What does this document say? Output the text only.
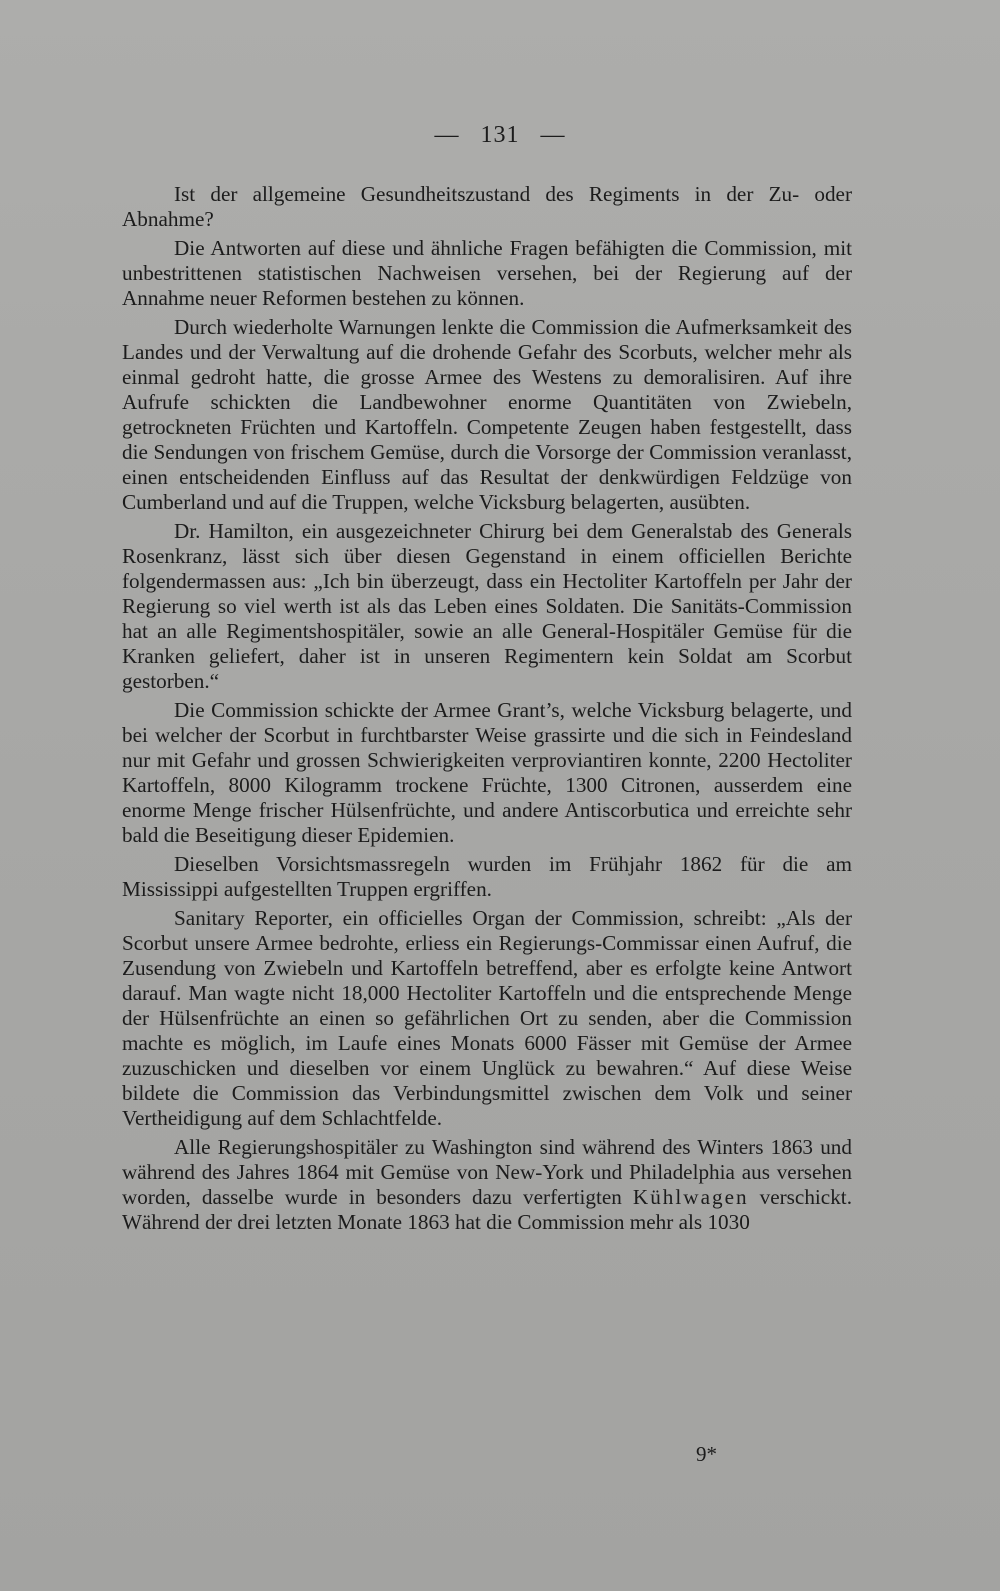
— 131 —

Ist der allgemeine Gesundheitszustand des Regiments in der Zu- oder Abnahme?

Die Antworten auf diese und ähnliche Fragen befähigten die Commission, mit unbestrittenen statistischen Nachweisen versehen, bei der Regierung auf der Annahme neuer Reformen bestehen zu können.

Durch wiederholte Warnungen lenkte die Commission die Aufmerksamkeit des Landes und der Verwaltung auf die drohende Gefahr des Scorbuts, welcher mehr als einmal gedroht hatte, die grosse Armee des Westens zu demoralisiren. Auf ihre Aufrufe schickten die Landbewohner enorme Quantitäten von Zwiebeln, getrockneten Früchten und Kartoffeln. Competente Zeugen haben festgestellt, dass die Sendungen von frischem Gemüse, durch die Vorsorge der Commission veranlasst, einen entscheidenden Einfluss auf das Resultat der denkwürdigen Feldzüge von Cumberland und auf die Truppen, welche Vicksburg belagerten, ausübten.

Dr. Hamilton, ein ausgezeichneter Chirurg bei dem Generalstab des Generals Rosenkranz, lässt sich über diesen Gegenstand in einem officiellen Berichte folgendermassen aus: „Ich bin überzeugt, dass ein Hectoliter Kartoffeln per Jahr der Regierung so viel werth ist als das Leben eines Soldaten. Die Sanitäts-Commission hat an alle Regimentshospitäler, sowie an alle General-Hospitäler Gemüse für die Kranken geliefert, daher ist in unseren Regimentern kein Soldat am Scorbut gestorben.“

Die Commission schickte der Armee Grant’s, welche Vicksburg belagerte, und bei welcher der Scorbut in furchtbarster Weise grassirte und die sich in Feindesland nur mit Gefahr und grossen Schwierigkeiten verproviantiren konnte, 2200 Hectoliter Kartoffeln, 8000 Kilogramm trockene Früchte, 1300 Citronen, ausserdem eine enorme Menge frischer Hülsenfrüchte, und andere Antiscorbutica und erreichte sehr bald die Beseitigung dieser Epidemien.

Dieselben Vorsichtsmassregeln wurden im Frühjahr 1862 für die am Mississippi aufgestellten Truppen ergriffen.

Sanitary Reporter, ein officielles Organ der Commission, schreibt: „Als der Scorbut unsere Armee bedrohte, erliess ein Regierungs-Commissar einen Aufruf, die Zusendung von Zwiebeln und Kartoffeln betreffend, aber es erfolgte keine Antwort darauf. Man wagte nicht 18,000 Hectoliter Kartoffeln und die entsprechende Menge der Hülsenfrüchte an einen so gefährlichen Ort zu senden, aber die Commission machte es möglich, im Laufe eines Monats 6000 Fässer mit Gemüse der Armee zuzuschicken und dieselben vor einem Unglück zu bewahren.“ Auf diese Weise bildete die Commission das Verbindungsmittel zwischen dem Volk und seiner Vertheidigung auf dem Schlachtfelde.

Alle Regierungshospitäler zu Washington sind während des Winters 1863 und während des Jahres 1864 mit Gemüse von New-York und Philadelphia aus versehen worden, dasselbe wurde in besonders dazu verfertigten Kühlwagen verschickt. Während der drei letzten Monate 1863 hat die Commission mehr als 1030

9*
